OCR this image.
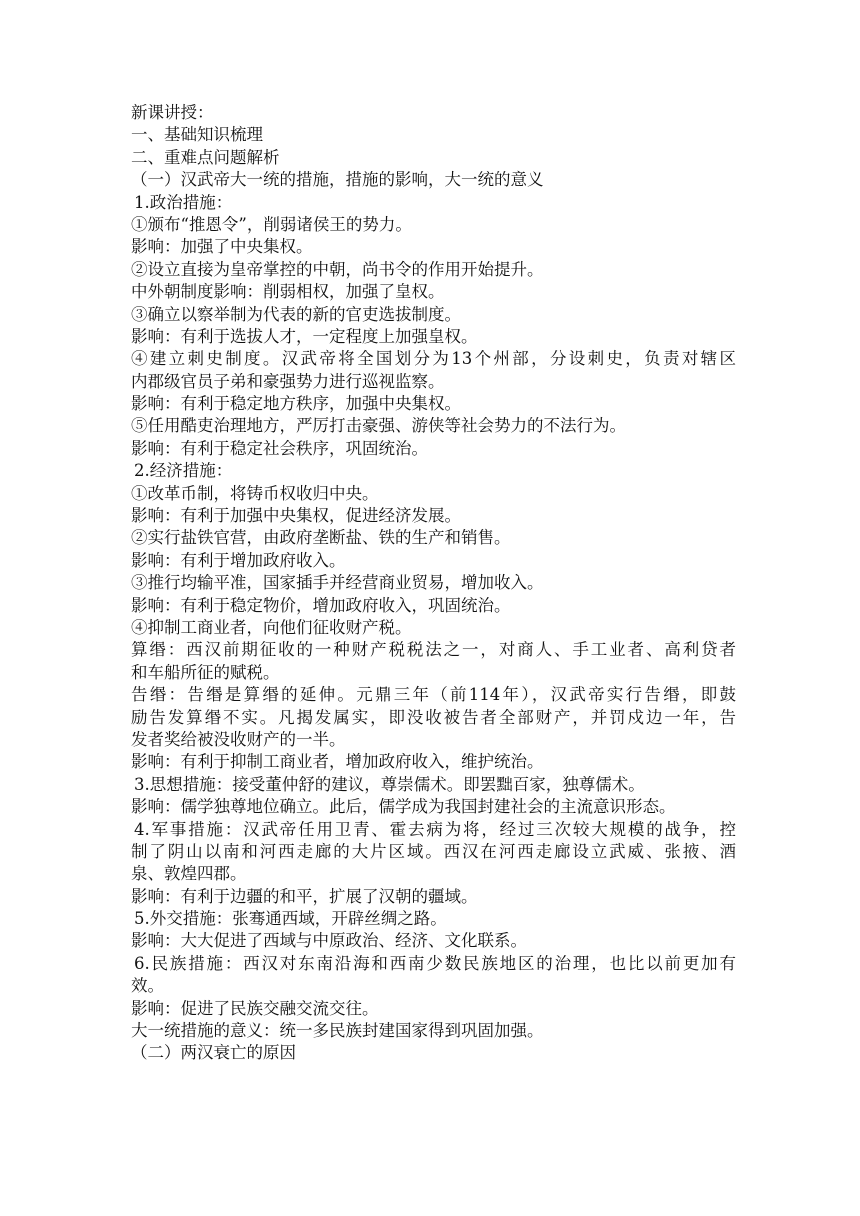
新课讲授：
一、基础知识梳理
二、重难点问题解析
（一）汉武帝大一统的措施，措施的影响，大一统的意义
1.政治措施：
①颁布“推恩令”，削弱诸侯王的势力。
影响：加强了中央集权。
②设立直接为皇帝掌控的中朝，尚书令的作用开始提升。
中外朝制度影响：削弱相权，加强了皇权。
③确立以察举制为代表的新的官吏选拔制度。
影响：有利于选拔人才，一定程度上加强皇权。
④建立刺史制度。汉武帝将全国划分为13个州部，分设刺史，负责对辖区
内郡级官员子弟和豪强势力进行巡视监察。
影响：有利于稳定地方秩序，加强中央集权。
⑤任用酷吏治理地方，严厉打击豪强、游侠等社会势力的不法行为。
影响：有利于稳定社会秩序，巩固统治。
2.经济措施：
①改革币制，将铸币权收归中央。
影响：有利于加强中央集权，促进经济发展。
②实行盐铁官营，由政府垄断盐、铁的生产和销售。
影响：有利于增加政府收入。
③推行均输平准，国家插手并经营商业贸易，增加收入。
影响：有利于稳定物价，增加政府收入，巩固统治。
④抑制工商业者，向他们征收财产税。
算缗：西汉前期征收的一种财产税税法之一，对商人、手工业者、高利贷者
和车船所征的赋税。
告缗：告缗是算缗的延伸。元鼎三年（前114年），汉武帝实行告缗，即鼓
励告发算缗不实。凡揭发属实，即没收被告者全部财产，并罚戍边一年，告
发者奖给被没收财产的一半。
影响：有利于抑制工商业者，增加政府收入，维护统治。
3.思想措施：接受董仲舒的建议，尊崇儒术。即罢黜百家，独尊儒术。
影响：儒学独尊地位确立。此后，儒学成为我国封建社会的主流意识形态。
4.军事措施：汉武帝任用卫青、霍去病为将，经过三次较大规模的战争，控
制了阴山以南和河西走廊的大片区域。西汉在河西走廊设立武威、张掖、酒
泉、敦煌四郡。
影响：有利于边疆的和平，扩展了汉朝的疆域。
5.外交措施：张骞通西域，开辟丝绸之路。
影响：大大促进了西域与中原政治、经济、文化联系。
6.民族措施：西汉对东南沿海和西南少数民族地区的治理，也比以前更加有
效。
影响：促进了民族交融交流交往。
大一统措施的意义：统一多民族封建国家得到巩固加强。
（二）两汉衰亡的原因
